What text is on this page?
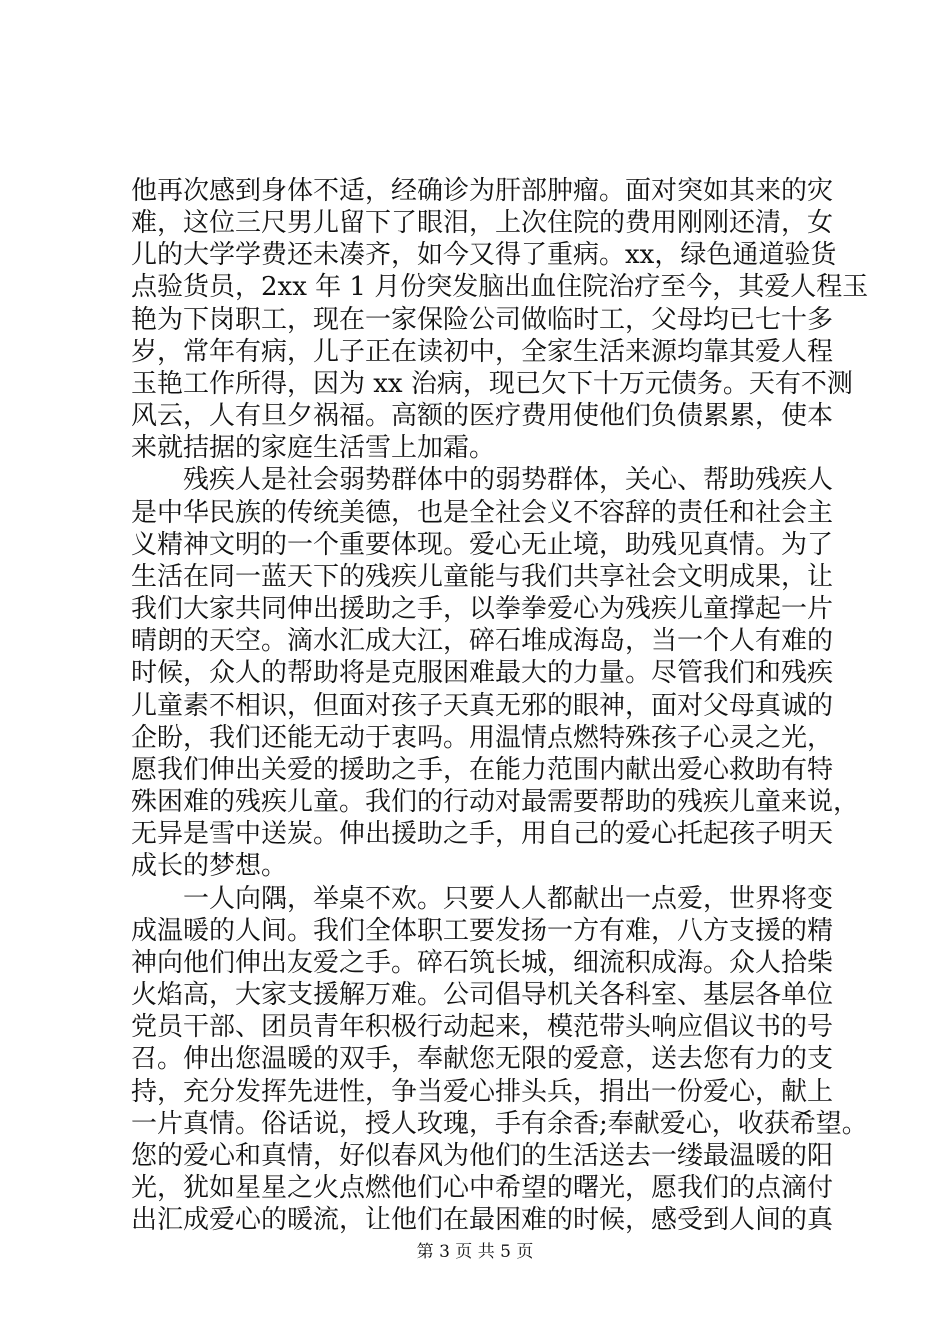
他再次感到身体不适，经确诊为肝部肿瘤。面对突如其来的灾
难，这位三尺男儿留下了眼泪，上次住院的费用刚刚还清，女
儿的大学学费还未凑齐，如今又得了重病。xx，绿色通道验货
点验货员，2xx 年 1 月份突发脑出血住院治疗至今，其爱人程玉
艳为下岗职工，现在一家保险公司做临时工，父母均已七十多
岁，常年有病，儿子正在读初中，全家生活来源均靠其爱人程
玉艳工作所得，因为 xx 治病，现已欠下十万元债务。天有不测
风云，人有旦夕祸福。高额的医疗费用使他们负债累累，使本
来就拮据的家庭生活雪上加霜。
残疾人是社会弱势群体中的弱势群体，关心、帮助残疾人
是中华民族的传统美德，也是全社会义不容辞的责任和社会主
义精神文明的一个重要体现。爱心无止境，助残见真情。为了
生活在同一蓝天下的残疾儿童能与我们共享社会文明成果，让
我们大家共同伸出援助之手，以拳拳爱心为残疾儿童撑起一片
晴朗的天空。滴水汇成大江，碎石堆成海岛，当一个人有难的
时候，众人的帮助将是克服困难最大的力量。尽管我们和残疾
儿童素不相识，但面对孩子天真无邪的眼神，面对父母真诚的
企盼，我们还能无动于衷吗。用温情点燃特殊孩子心灵之光，
愿我们伸出关爱的援助之手，在能力范围内献出爱心救助有特
殊困难的残疾儿童。我们的行动对最需要帮助的残疾儿童来说，
无异是雪中送炭。伸出援助之手，用自己的爱心托起孩子明天
成长的梦想。
一人向隅，举桌不欢。只要人人都献出一点爱，世界将变
成温暖的人间。我们全体职工要发扬一方有难，八方支援的精
神向他们伸出友爱之手。碎石筑长城，细流积成海。众人拾柴
火焰高，大家支援解万难。公司倡导机关各科室、基层各单位
党员干部、团员青年积极行动起来，模范带头响应倡议书的号
召。伸出您温暖的双手，奉献您无限的爱意，送去您有力的支
持，充分发挥先进性，争当爱心排头兵，捐出一份爱心，献上
一片真情。俗话说，授人玫瑰，手有余香;奉献爱心，收获希望。
您的爱心和真情，好似春风为他们的生活送去一缕最温暖的阳
光，犹如星星之火点燃他们心中希望的曙光，愿我们的点滴付
出汇成爱心的暖流，让他们在最困难的时候，感受到人间的真
第 3 页 共 5 页
